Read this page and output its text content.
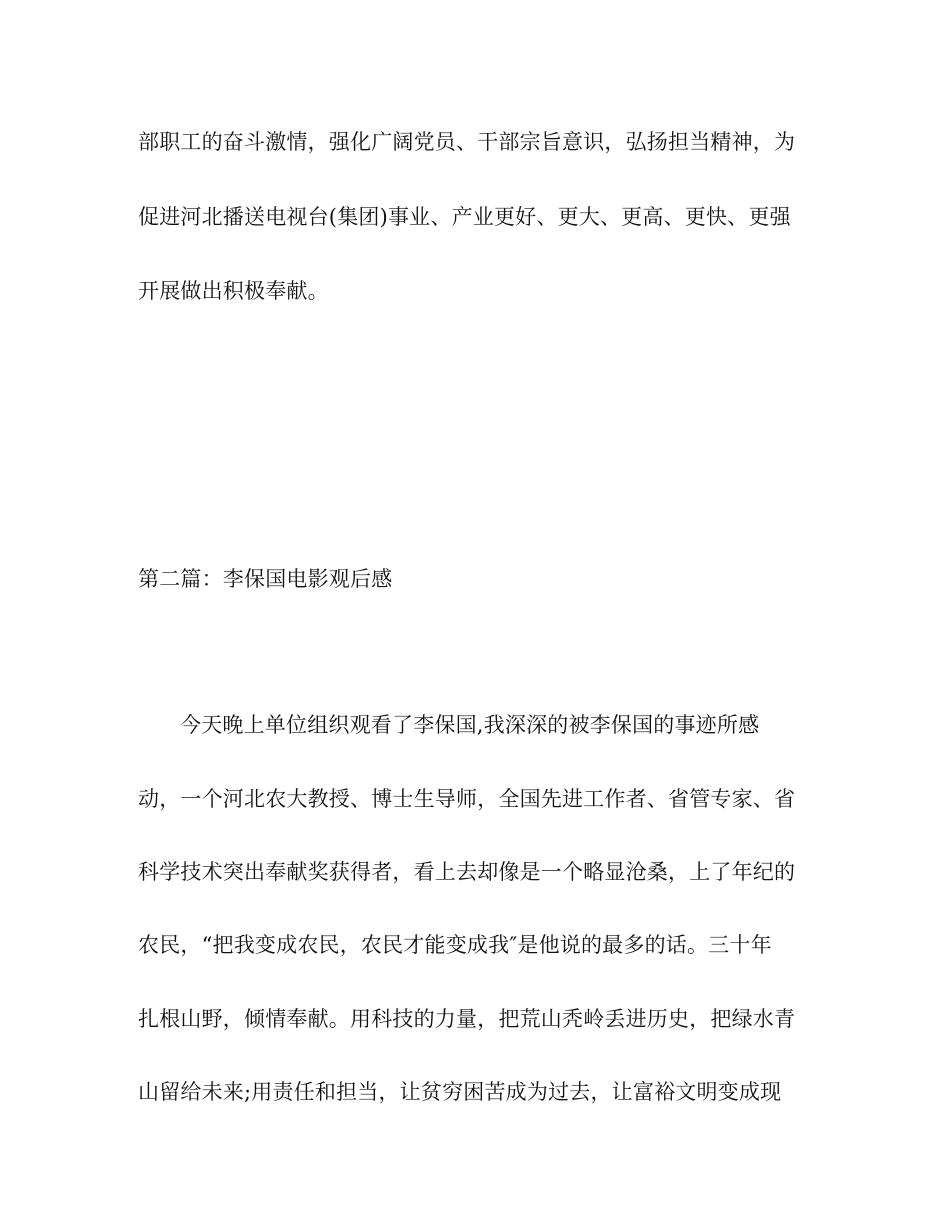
部职工的奋斗激情，强化广阔党员、干部宗旨意识，弘扬担当精神，为
促进河北播送电视台(集团)事业、产业更好、更大、更高、更快、更强
开展做出积极奉献。
第二篇：李保国电影观后感
今天晚上单位组织观看了李保国,我深深的被李保国的事迹所感
动，一个河北农大教授、博士生导师，全国先进工作者、省管专家、省
科学技术突出奉献奖获得者，看上去却像是一个略显沧桑，上了年纪的
农民，“把我变成农民，农民才能变成我″是他说的最多的话。三十年
扎根山野，倾情奉献。用科技的力量，把荒山秃岭丢进历史，把绿水青
山留给未来;用责任和担当，让贫穷困苦成为过去，让富裕文明变成现
